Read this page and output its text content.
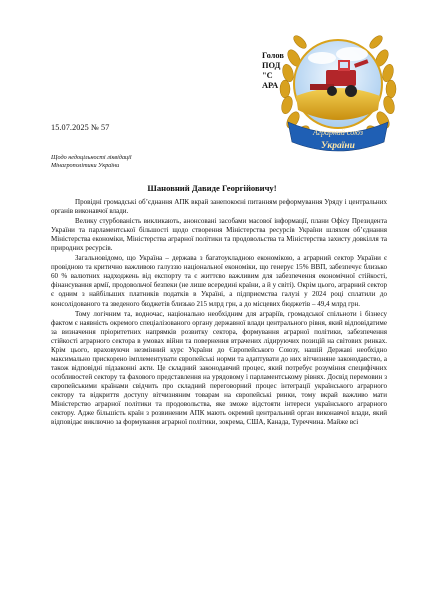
Голов
ПОД
"С
АРА
Аграрний союз
України
15.07.2025 № 57
Щодо недоцільності ліквідації
Мінагрополітики України
Шановний Давиде Георгійовичу!

Провідні громадські об’єднання АПК вкрай занепокоєні питанням реформування Уряду і центральних органів виконавчої влади.

Велику стурбованість викликають, анонсовані засобами масової інформації, плани Офісу Президента України та парламентської більшості щодо створення Міністерства ресурсів України шляхом об’єднання Міністерства економіки, Міністерства аграрної політики та продовольства та Міністерства захисту довкілля та природних ресурсів.

Загальновідомо, що Україна – держава з багатоукладною економікою, а аграрний сектор України є провідною та критично важливою галуззю національної економіки, що генерує 15% ВВП, забезпечує близько 60 % валютних надходжень від експорту та є життєво важливим для забезпечення економічної стійкості, фінансування армії, продовольчої безпеки (не лише всередині країни, а й у світі). Окрім цього, аграрний сектор є одним з найбільших платників податків в Україні, а підприємства галузі у 2024 році сплатили до консолідованого та зведеного бюджетів близько 215 млрд грн, а до місцевих бюджетів – 49,4 млрд грн.

Тому логічним та, водночас, національно необхідним для аграріїв, громадської спільноти і бізнесу фактом є наявність окремого спеціалізованого органу державної влади центрального рівня, який відповідатиме за визначення пріоритетних напрямків розвитку сектора, формування аграрної політики, забезпечення стійкості аграрного сектора в умовах війни та повернення втрачених лідируючих позицій на світових ринках. Крім цього, враховуючи незмінний курс України до Європейського Союзу, нашій Державі необхідно максимально прискорено імплементувати європейські норми та адаптувати до них вітчизняне законодавство, а також відповідні підзаконні акти. Це складний законодавчий процес, який потребує розуміння специфічних особливостей сектору та фахового представлення на урядовому і парламентському рівнях. Досвід перемовин з європейськими країнами свідчить про складний переговорний процес інтеграції українського аграрного сектору та відкриття доступу вітчизняним товарам на європейські ринки, тому вкрай важливо мати Міністерство аграрної політики та продовольства, яке зможе відстояти інтереси українського аграрного сектору. Адже більшість країн з розвиненим АПК мають окремий центральний орган виконавчої влади, який відповідає виключно за формування аграрної політики, зокрема, США, Канада, Туреччина. Майже всі
